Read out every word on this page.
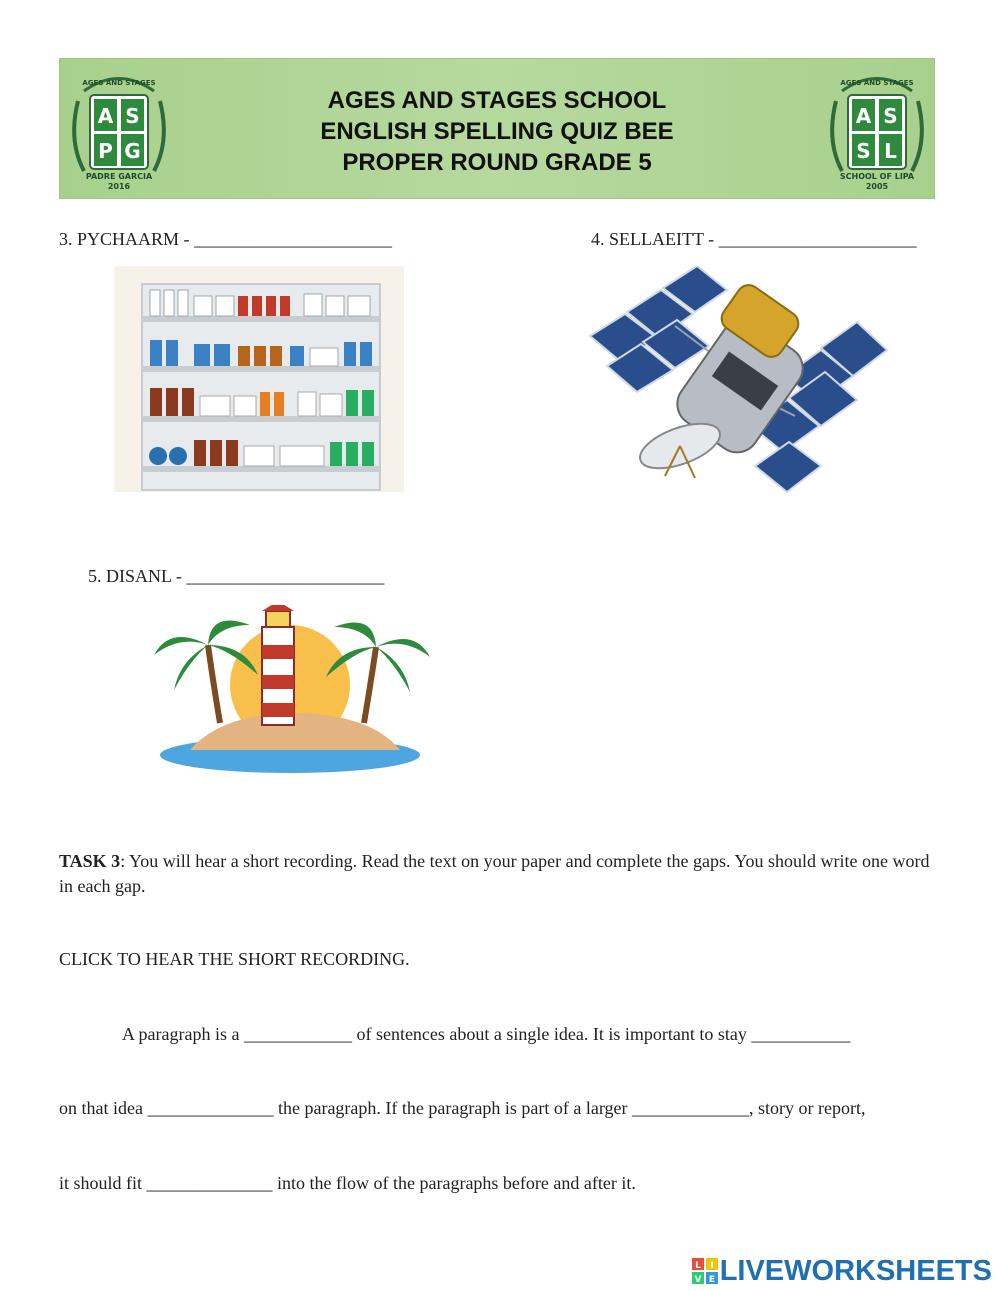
A S
P G
AGES AND STAGES
PADRE GARCIA
2016
AGES AND STAGES SCHOOL
ENGLISH SPELLING QUIZ BEE
PROPER ROUND GRADE 5
A S
S L
AGES AND STAGES
SCHOOL OF LIPA
2005
3. PYCHAARM - ______________________	4. SELLAEITT - ______________________
5. DISANL - ______________________
TASK 3: You will hear a short recording. Read the text on your paper and complete the gaps. You should write one word in each gap.
CLICK TO HEAR THE SHORT RECORDING.
A paragraph is a ____________ of sentences about a single idea. It is important to stay ___________
on that idea ______________ the paragraph. If the paragraph is part of a larger _____________, story or report,
it should fit ______________ into the flow of the paragraphs before and after it.
L I
V E LIVEWORKSHEETS
